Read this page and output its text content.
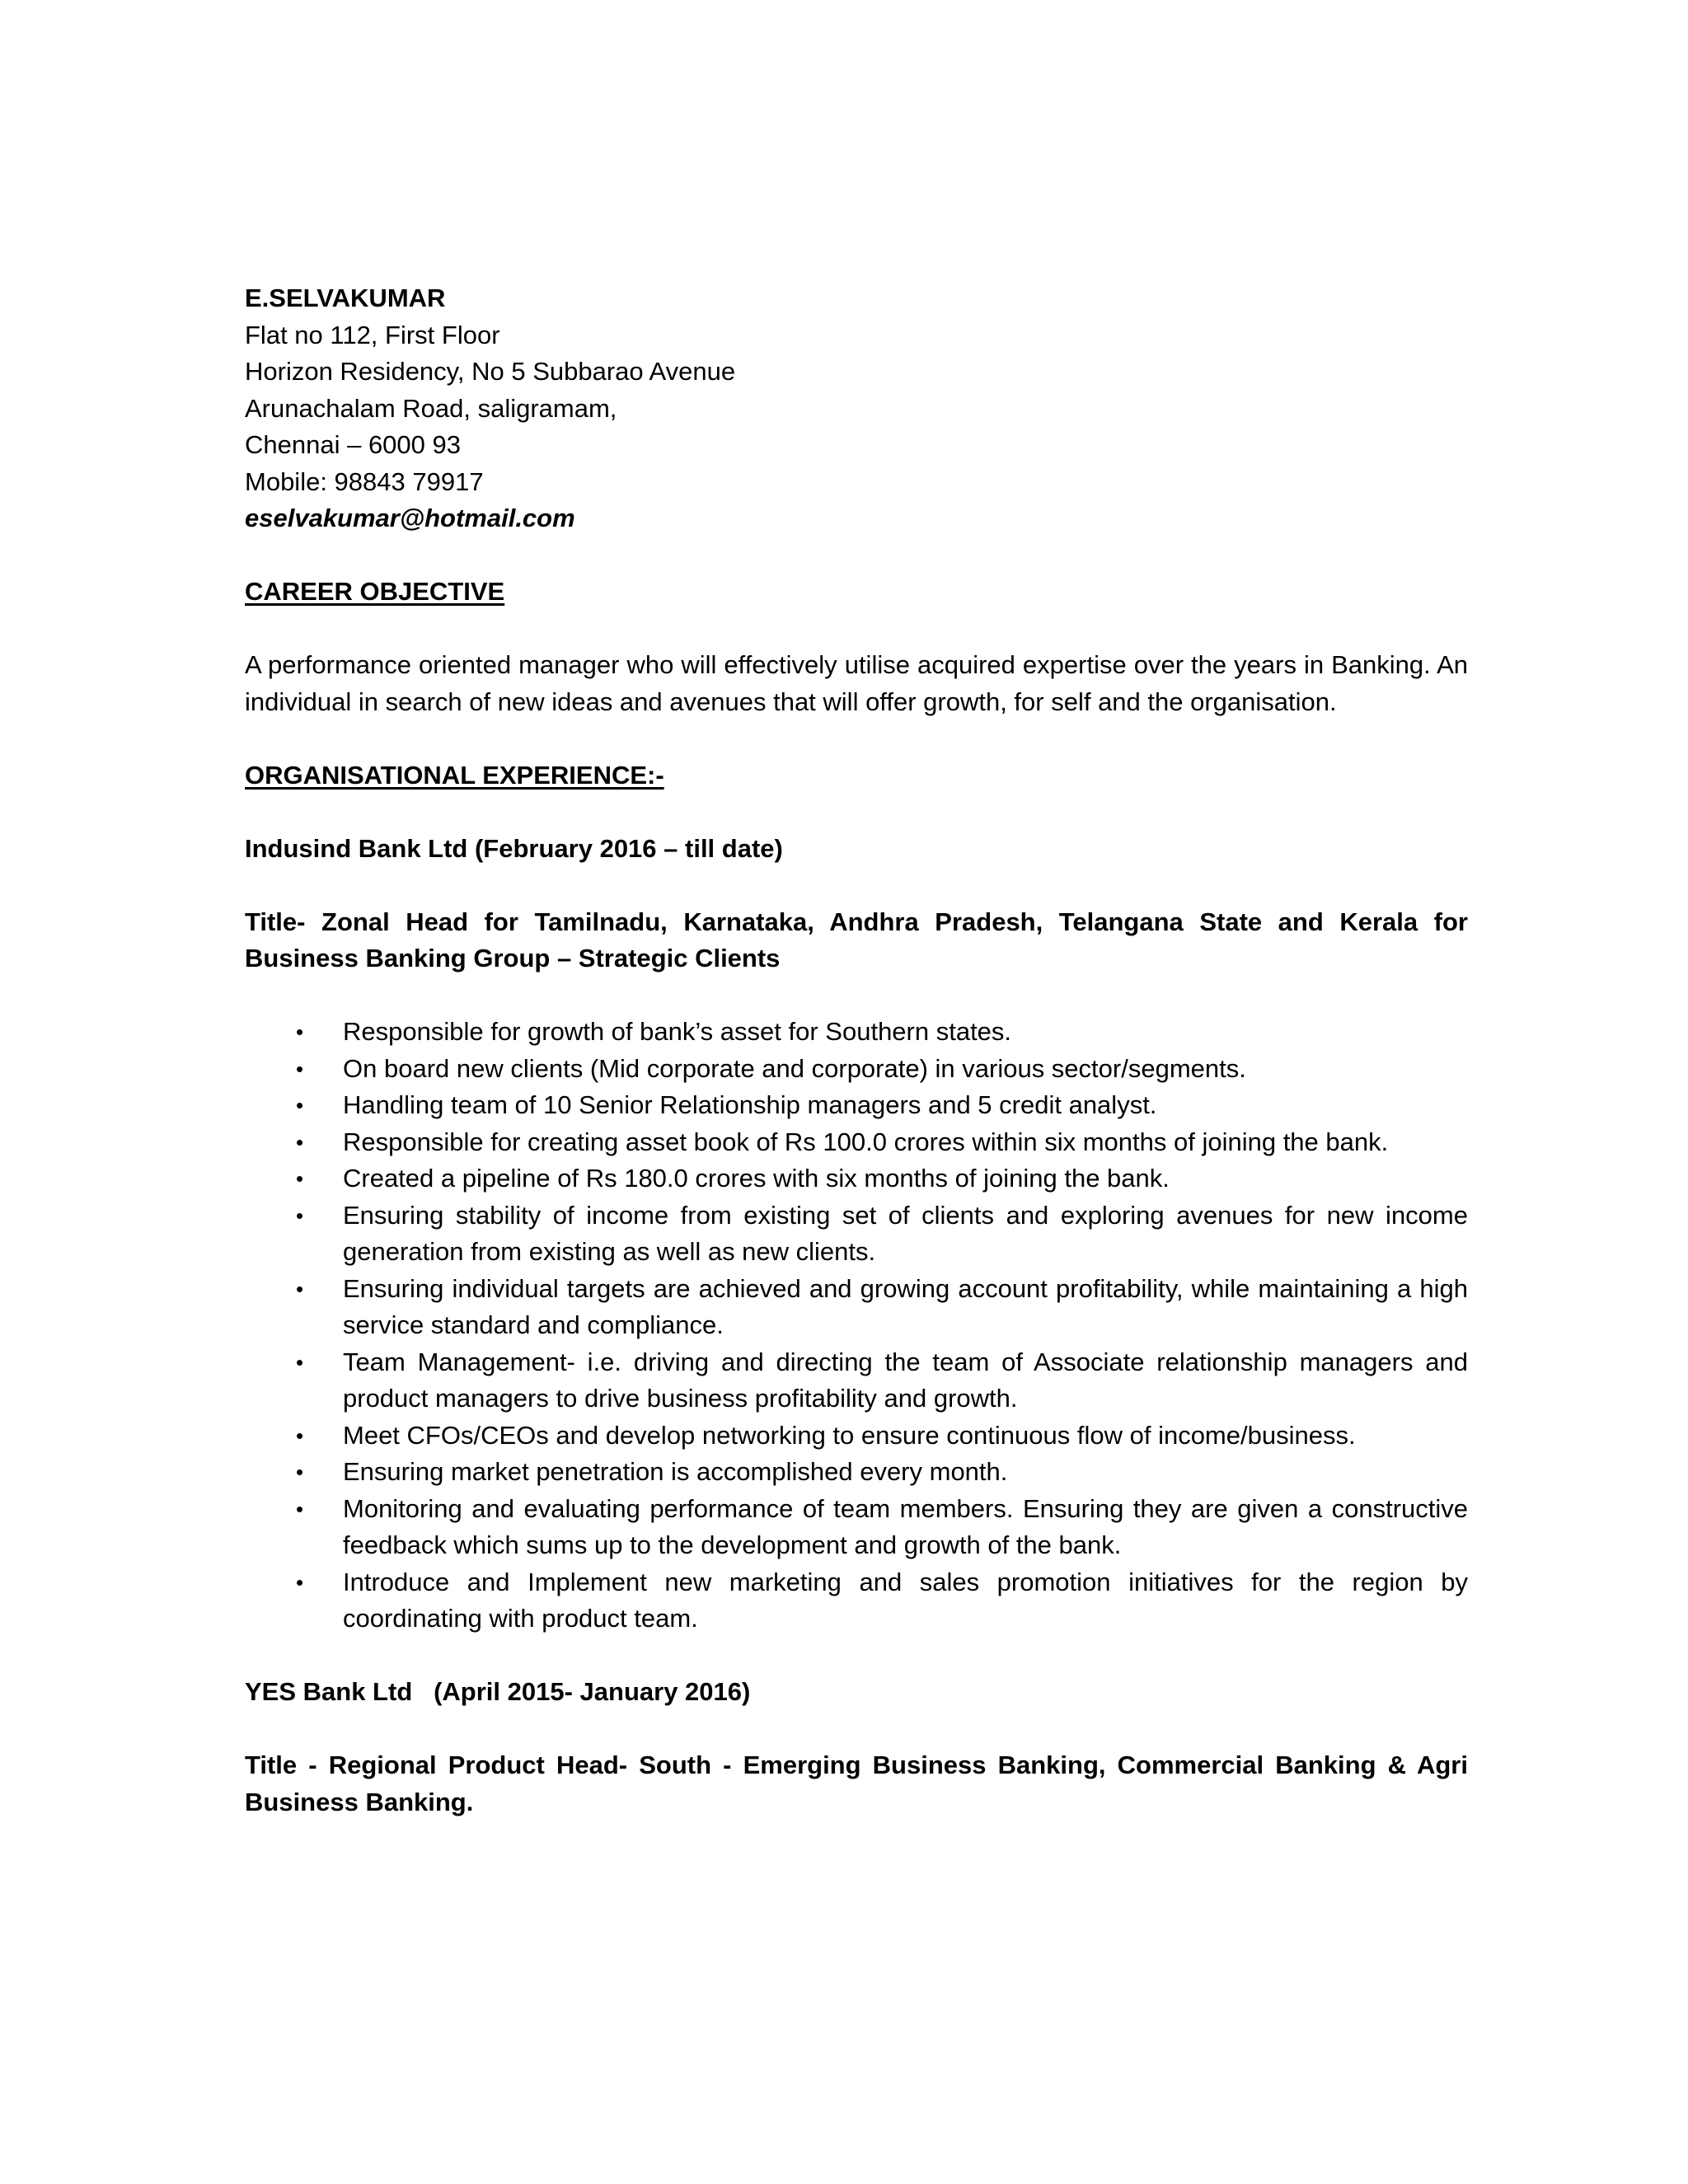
E.SELVAKUMAR
Flat no 112, First Floor
Horizon Residency, No 5 Subbarao Avenue
Arunachalam Road, saligramam,
Chennai – 6000 93
Mobile: 98843 79917
eselvakumar@hotmail.com
CAREER OBJECTIVE

A performance oriented manager who will effectively utilise acquired expertise over the years in Banking. An individual in search of new ideas and avenues that will offer growth, for self and the organisation.

ORGANISATIONAL EXPERIENCE:-
Indusind Bank Ltd (February 2016 – till date)

Title- Zonal Head for Tamilnadu, Karnataka, Andhra Pradesh, Telangana State and Kerala for Business Banking Group – Strategic Clients

• Responsible for growth of bank’s asset for Southern states.
• On board new clients (Mid corporate and corporate) in various sector/segments.
• Handling team of 10 Senior Relationship managers and 5 credit analyst.
• Responsible for creating asset book of Rs 100.0 crores within six months of joining the bank.
• Created a pipeline of Rs 180.0 crores with six months of joining the bank.
• Ensuring stability of income from existing set of clients and exploring avenues for new income generation from existing as well as new clients.
• Ensuring individual targets are achieved and growing account profitability, while maintaining a high service standard and compliance.
• Team Management- i.e. driving and directing the team of Associate relationship managers and product managers to drive business profitability and growth.
• Meet CFOs/CEOs and develop networking to ensure continuous flow of income/business.
• Ensuring market penetration is accomplished every month.
• Monitoring and evaluating performance of team members. Ensuring they are given a constructive feedback which sums up to the development and growth of the bank.
• Introduce and Implement new marketing and sales promotion initiatives for the region by coordinating with product team.
YES Bank Ltd   (April 2015- January 2016)

Title - Regional Product Head- South - Emerging Business Banking, Commercial Banking & Agri Business Banking.
